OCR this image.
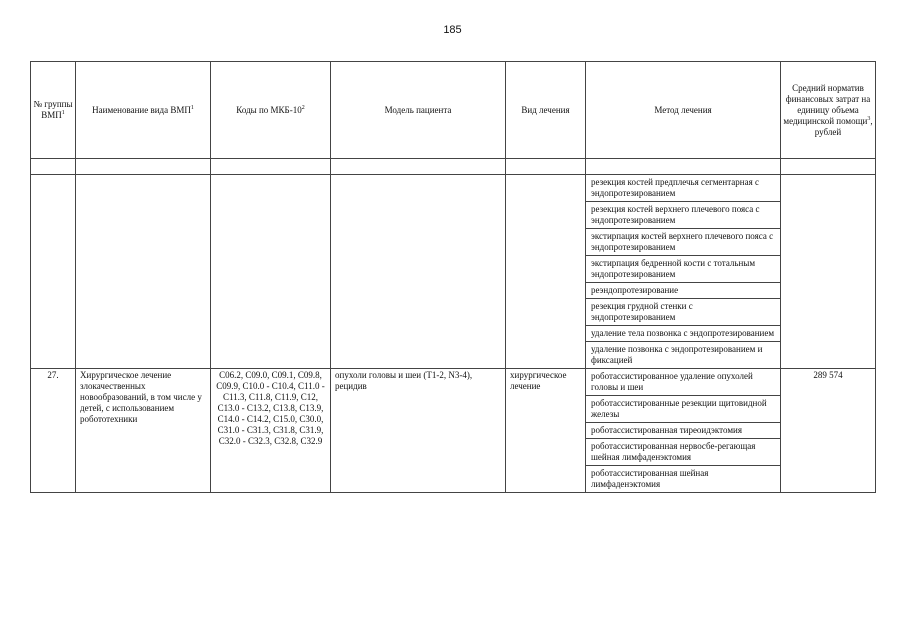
185
№ группы ВМП$^1$	Наименование вида ВМП$^1$	Коды по МКБ-$10^2$	Модель пациента	Вид лечения	Метод лечения	Средний норматив финансовых затрат на единицу объема медицинской помощи$^3$, рублей

					резекция костей предплечья сегментарная с эндопротезированием	
					резекция костей верхнего плечевого пояса с эндопротезированием	
					экстирпация костей верхнего плечевого пояса с эндопротезированием	
					экстирпация бедренной кости с тотальным эндопротезированием	
					реэндопротезирование	
					резекция грудной стенки с эндопротезированием	
					удаление тела позвонка с эндопротезированием	
					удаление позвонка с эндопротезированием и фиксацией	
27.	Хирургическое лечение злокачественных новообразований, в том числе у детей, с использованием робототехники	C06.2, C09.0, C09.1, C09.8, C09.9, C10.0 - C10.4, C11.0 - C11.3, C11.8, C11.9, C12, C13.0 - C13.2, C13.8, C13.9, C14.0 - C14.2, C15.0, C30.0, C31.0 - C31.3, C31.8, C31.9, C32.0 - C32.3, C32.8, C32.9	опухоли головы и шеи (T1-2, N3-4), рецидив	хирургическое лечение	роботассистированное удаление опухолей головы и шеи	289 574
					роботассистированные резекции щитовидной железы	
					роботассистированная тиреоидэктомия	
					роботассистированная нервосбе-регающая шейная лимфаденэктомия	
					роботассистированная шейная лимфаденэктомия	
